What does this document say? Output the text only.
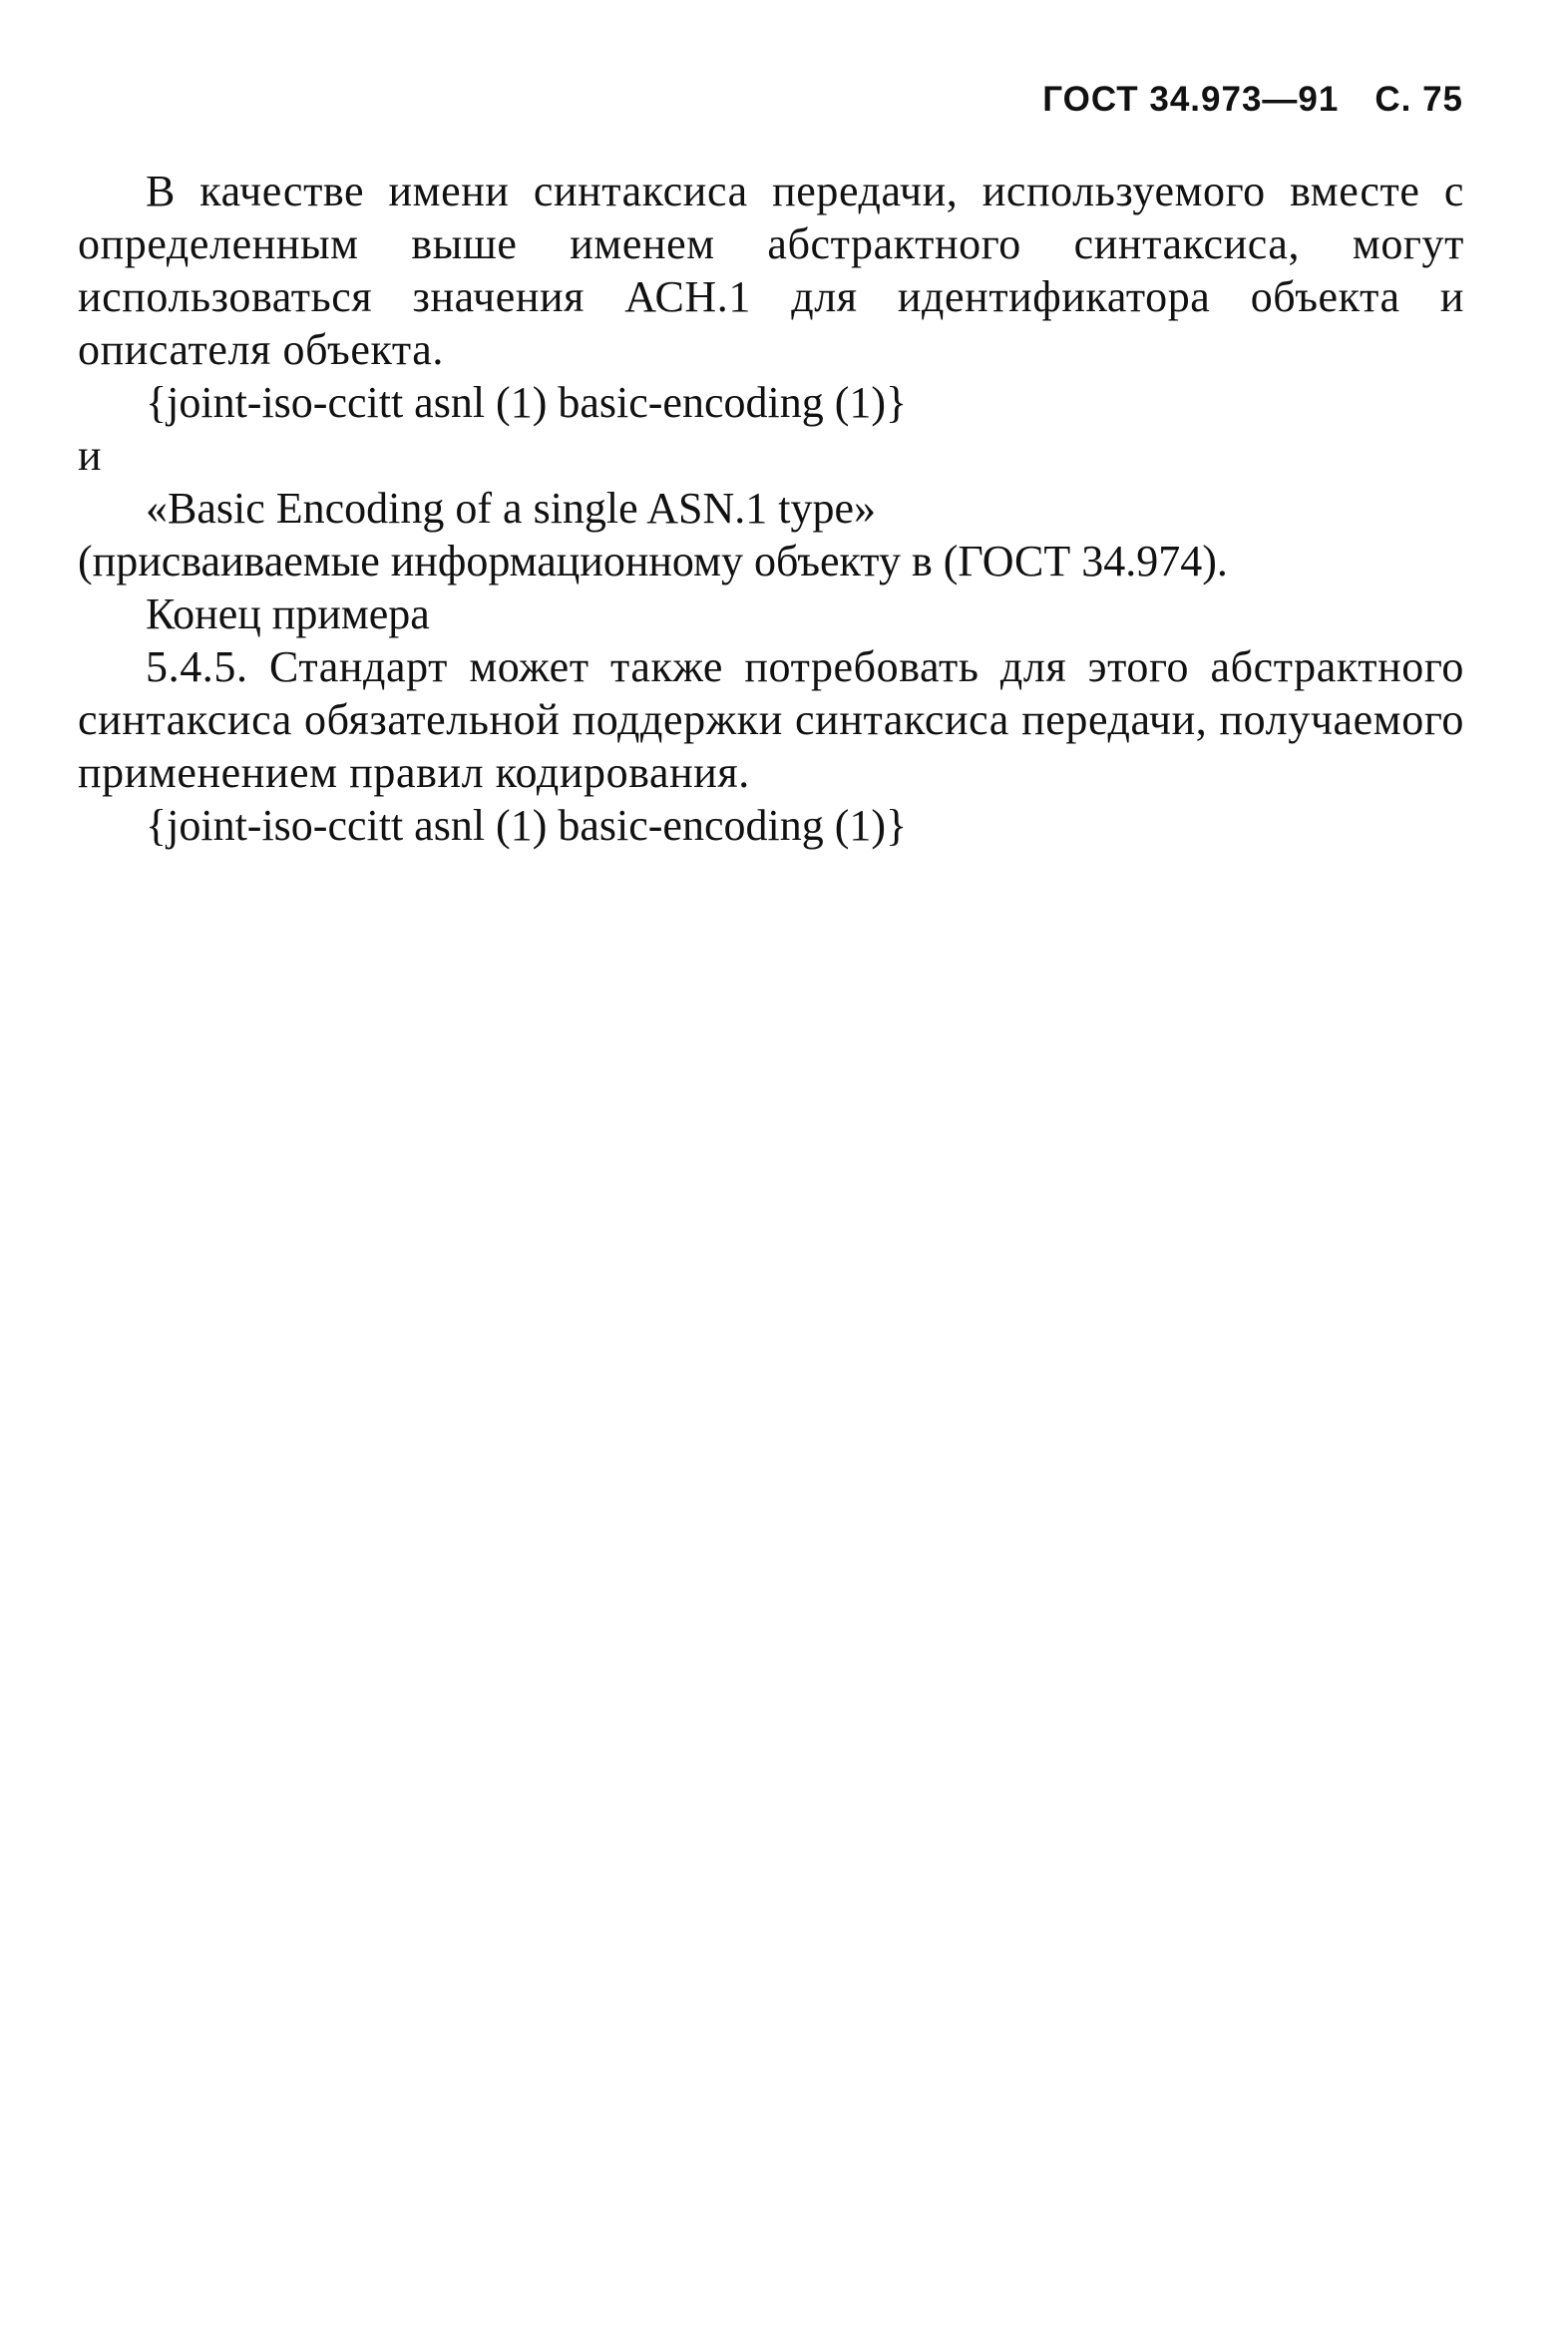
ГОСТ 34.973—91 С. 75

В качестве имени синтаксиса передачи, используемого вместе с определенным выше именем абстрактного синтаксиса, могут использоваться значения АСН.1 для идентификатора объекта и описателя объекта.

{joint-iso-ccitt asnl (1) basic-encoding (1)}

и

«Basic Encoding of a single ASN.1 type»

(присваиваемые информационному объекту в (ГОСТ 34.974).

Конец примера

5.4.5. Стандарт может также потребовать для этого абстрактного синтаксиса обязательной поддержки синтаксиса передачи, получаемого применением правил кодирования.

{joint-iso-ccitt asnl (1) basic-encoding (1)}
